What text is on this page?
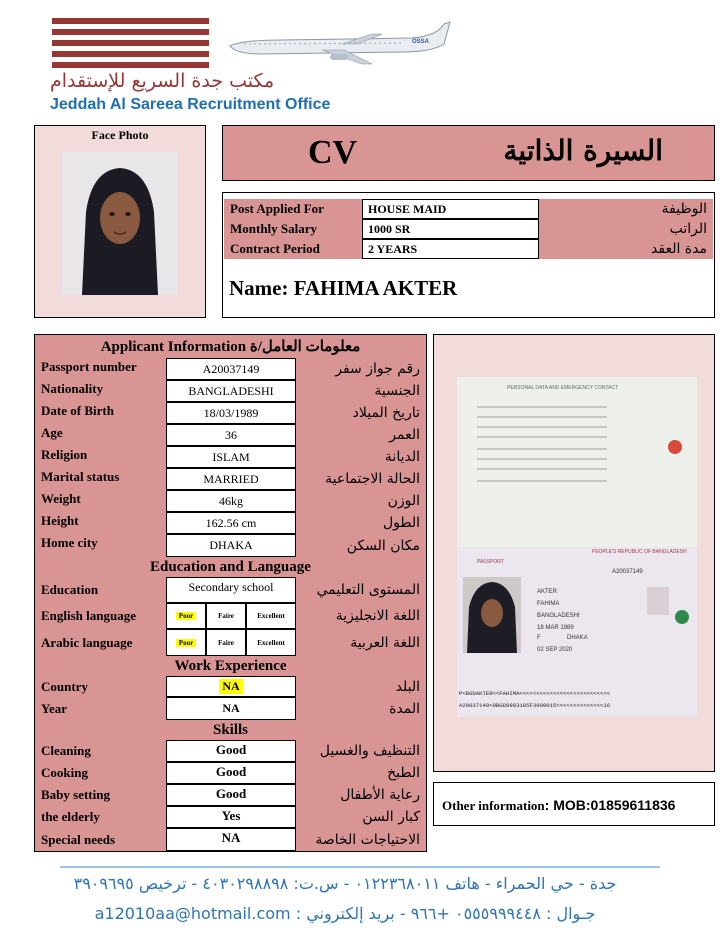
OSSA
مكتب جدة السريع للإستقدام
Jeddah Al Sareea Recruitment Office
Face Photo	CV	السيرة الذاتية
Post Applied For	HOUSE MAID	الوظيفة
Monthly Salary	1000 SR	الراتب
Contract Period	2 YEARS	مدة العقد
Name: FAHIMA AKTER
Applicant Information معلومات العامل/ة
Passport number	A20037149	رقم جواز سفر
Nationality	BANGLADESHI	الجنسية
Date of Birth	18/03/1989	تاريخ الميلاد
Age	36	العمر
Religion	ISLAM	الديانة
Marital status	MARRIED	الحالة الاجتماعية
Weight	46kg	الوزن
Height	162.56 cm	الطول
Home city	DHAKA	مكان السكن
Education and Language
Education	Secondary school	المستوى التعليمي
English language	Poor	Faire	Excellent	اللغة الانجليزية
Arabic language	Poor	Faire	Excellent	اللغة العربية
Work Experience
Country	NA	البلد
Year	NA	المدة
Skills
Cleaning	Good	التنظيف والغسيل
Cooking	Good	الطبخ
Baby setting	Good	رعاية الأطفال
the elderly	Yes	كبار السن
Special needs	NA	الاحتياجات الخاصة
PERSONAL DATA AND EMERGENCY CONTACT
PEOPLE'S REPUBLIC OF BANGLADESH
PASSPORT
A20037149
AKTER
FAHIMA
BANGLADESHI
18 MAR 1989
F	DHAKA
02 SEP 2020
P<BGDAKTER<<FAHIMA<<<<<<<<<<<<<<<<<<<<<<<<<<<
A20037149<0BGD8903185F3009015<<<<<<<<<<<<<<16
Other information: MOB:01859611836
جدة - حي الحمراء - هاتف ٠١٢٢٣٦٨٠١١ - س.ت: ٤٠٣٠٢٩٨٨٩٨ - ترخيص ٣٩٠٩٦٩٥
جـوال : ٠٥٥٥٩٩٩٤٤٨ +٩٦٦ - بريد إلكتروني : a12010aa@hotmail.com
